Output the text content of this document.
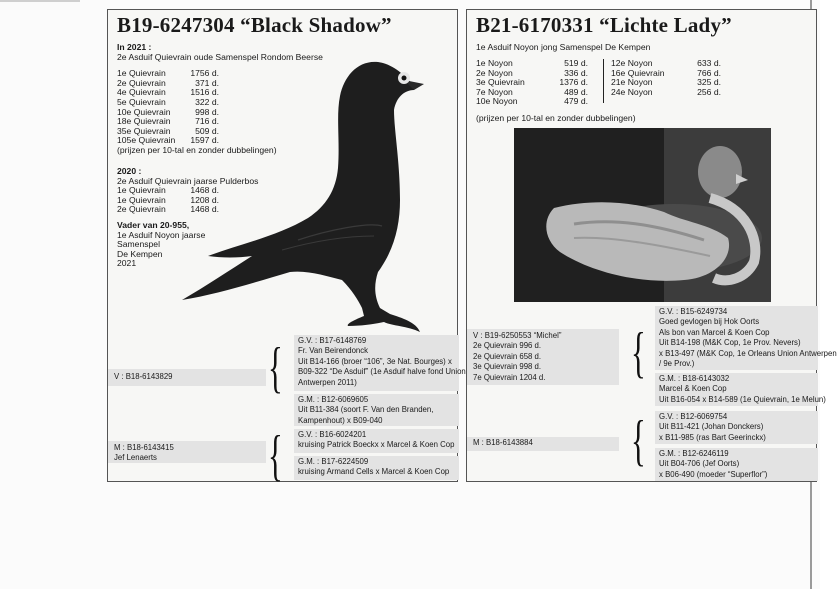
B19-6247304 “Black Shadow”
In 2021 :
2e Asduif Quievrain oude Samenspel Rondom Beerse
1e Quievrain	1756 d.
2e Quievrain	371 d.
4e Quievrain	1516 d.
5e Quievrain	322 d.
10e Quievrain	998 d.
18e Quievrain	716 d.
35e Quievrain	509 d.
105e Quievrain	1597 d.
(prijzen per 10-tal en zonder dubbelingen)
2020 :
2e Asduif Quievrain jaarse Pulderbos
1e Quievrain	1468 d.
1e Quievrain	1208 d.
2e Quievrain	1468 d.
Vader van 20-955,
1e Asduif Noyon jaarse
Samenspel
De Kempen
2021
V : B18-6143829 { G.V. : B17-6148769
Fr. Van Beirendonck
Uit B14-166 (broer “106”, 3e Nat. Bourges) x
B09-322 “De Asduif” (1e Asduif halve fond Union
Antwerpen 2011)
G.M. : B12-6069605
Uit B11-384 (soort F. Van den Branden,
Kampenhout) x B09-040
M : B18-6143415
Jef Lenaerts	{ G.V. : B16-6024201
kruising Patrick Boeckx x Marcel & Koen Cop
G.M. : B17-6224509
kruising Armand Cells x Marcel & Koen Cop
B21-6170331 “Lichte Lady”
1e Asduif Noyon jong Samenspel De Kempen
1e Noyon	519 d.
2e Noyon	336 d.
3e Quievrain	1376 d.
7e Noyon	489 d.
10e Noyon	479 d.
12e Noyon	633 d.
16e Quievrain	766 d.
21e Noyon	325 d.
24e Noyon	256 d.
(prijzen per 10-tal en zonder dubbelingen)
V : B19-6250553 “Michel”
2e Quievrain 996 d.
2e Quievrain 658 d.
3e Quievrain 998 d.
7e Quievrain 1204 d. {
G.V. : B15-6249734
Goed gevlogen bij Hok Oorts
Als bon van Marcel & Koen Cop
Uit B14-198 (M&K Cop, 1e Prov. Nevers)
x B13-497 (M&K Cop, 1e Orleans Union Antwerpen
/ 9e Prov.)
G.M. : B18-6143032
Marcel & Koen Cop
Uit B16-054 x B14-589 (1e Quievrain, 1e Melun)
M : B18-6143884 { G.V. : B12-6069754
Uit B11-421 (Johan Donckers)
x B11-985 (ras Bart Geerinckx)
G.M. : B12-6246119
Uit B04-706 (Jef Oorts)
x B06-490 (moeder “Superflor”)
